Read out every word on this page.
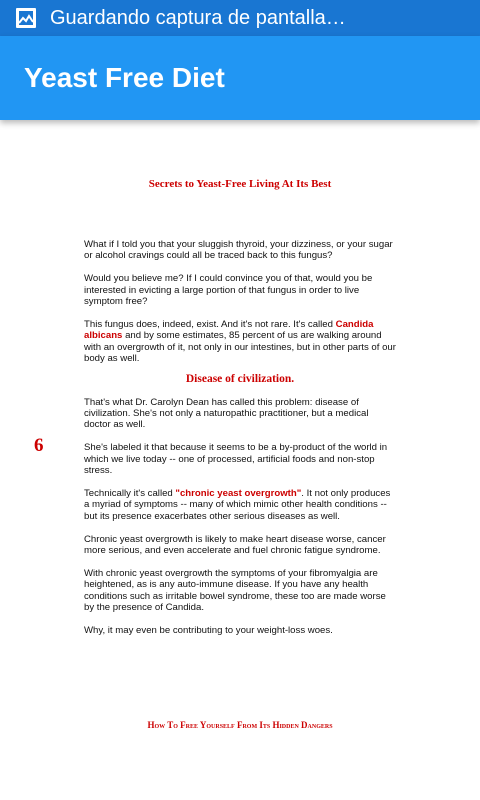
Guardando captura de pantalla…
Yeast Free Diet
Secrets to Yeast-Free Living At Its Best
6

What if I told you that your sluggish thyroid, your dizziness, or your sugar or alcohol cravings could all be traced back to this fungus?

Would you believe me? If I could convince you of that, would you be interested in evicting a large portion of that fungus in order to live symptom free?

This fungus does, indeed, exist. And it's not rare. It's called Candida albicans and by some estimates, 85 percent of us are walking around with an overgrowth of it, not only in our intestines, but in other parts of our body as well.

Disease of civilization.

That's what Dr. Carolyn Dean has called this problem: disease of civilization. She's not only a naturopathic practitioner, but a medical doctor as well.

She's labeled it that because it seems to be a by-product of the world in which we live today -- one of processed, artificial foods and non-stop stress.

Technically it's called "chronic yeast overgrowth". It not only produces a myriad of symptoms -- many of which mimic other health conditions -- but its presence exacerbates other serious diseases as well.

Chronic yeast overgrowth is likely to make heart disease worse, cancer more serious, and even accelerate and fuel chronic fatigue syndrome.

With chronic yeast overgrowth the symptoms of your fibromyalgia are heightened, as is any auto-immune disease. If you have any health conditions such as irritable bowel syndrome, these too are made worse by the presence of Candida.

Why, it may even be contributing to your weight-loss woes.

How To Free Yourself From Its Hidden Dangers
